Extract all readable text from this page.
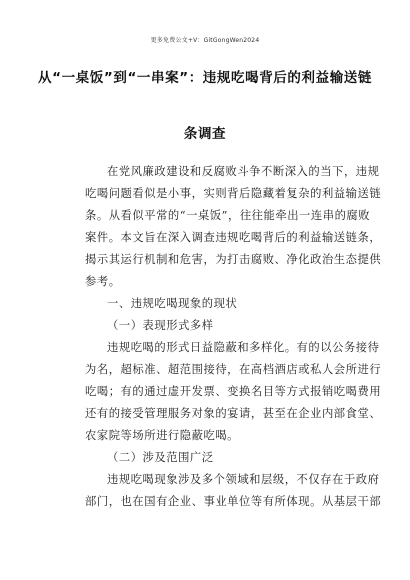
更多免费公文+V：GitGongWen2024
从“一桌饭”到“一串案”：违规吃喝背后的利益输送链
条调查
在党风廉政建设和反腐败斗争不断深入的当下，违规
吃喝问题看似是小事，实则背后隐藏着复杂的利益输送链
条。从看似平常的“一桌饭”，往往能牵出一连串的腐败
案件。本文旨在深入调查违规吃喝背后的利益输送链条，
揭示其运行机制和危害，为打击腐败、净化政治生态提供
参考。
一、违规吃喝现象的现状
（一）表现形式多样
违规吃喝的形式日益隐蔽和多样化。有的以公务接待
为名，超标准、超范围接待，在高档酒店或私人会所进行
吃喝；有的通过虚开发票、变换名目等方式报销吃喝费用
还有的接受管理服务对象的宴请，甚至在企业内部食堂、
农家院等场所进行隐蔽吃喝。
（二）涉及范围广泛
违规吃喝现象涉及多个领域和层级，不仅存在于政府
部门，也在国有企业、事业单位等有所体现。从基层干部
